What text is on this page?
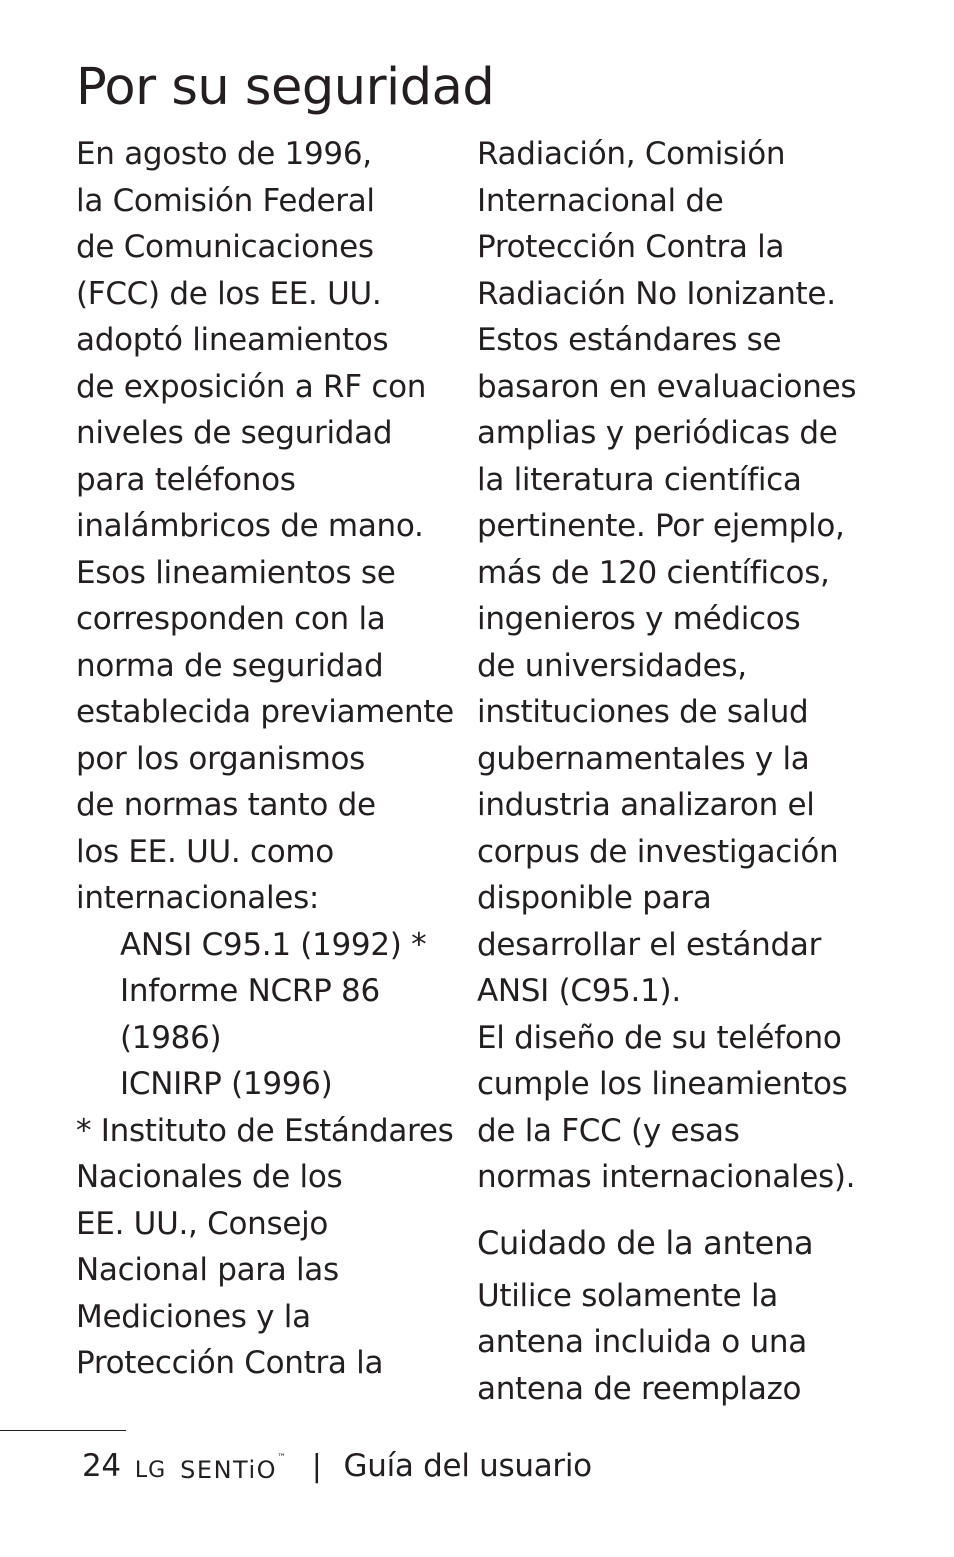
Por su seguridad
En agosto de 1996,
la Comisión Federal
de Comunicaciones
(FCC) de los EE. UU.
adoptó lineamientos
de exposición a RF con
niveles de seguridad
para teléfonos
inalámbricos de mano.
Esos lineamientos se
corresponden con la
norma de seguridad
establecida previamente
por los organismos
de normas tanto de
los EE. UU. como
internacionales:
ANSI C95.1 (1992) *
Informe NCRP 86
(1986)
ICNIRP (1996)
* Instituto de Estándares
Nacionales de los
EE. UU., Consejo
Nacional para las
Mediciones y la
Protección Contra la
Radiación, Comisión
Internacional de
Protección Contra la
Radiación No Ionizante.
Estos estándares se
basaron en evaluaciones
amplias y periódicas de
la literatura científica
pertinente. Por ejemplo,
más de 120 científicos,
ingenieros y médicos
de universidades,
instituciones de salud
gubernamentales y la
industria analizaron el
corpus de investigación
disponible para
desarrollar el estándar
ANSI (C95.1).
El diseño de su teléfono
cumple los lineamientos
de la FCC (y esas
normas internacionales).
Cuidado de la antena
Utilice solamente la
antena incluida o una
antena de reemplazo
24 LG SENTiO ™ | Guía del usuario
